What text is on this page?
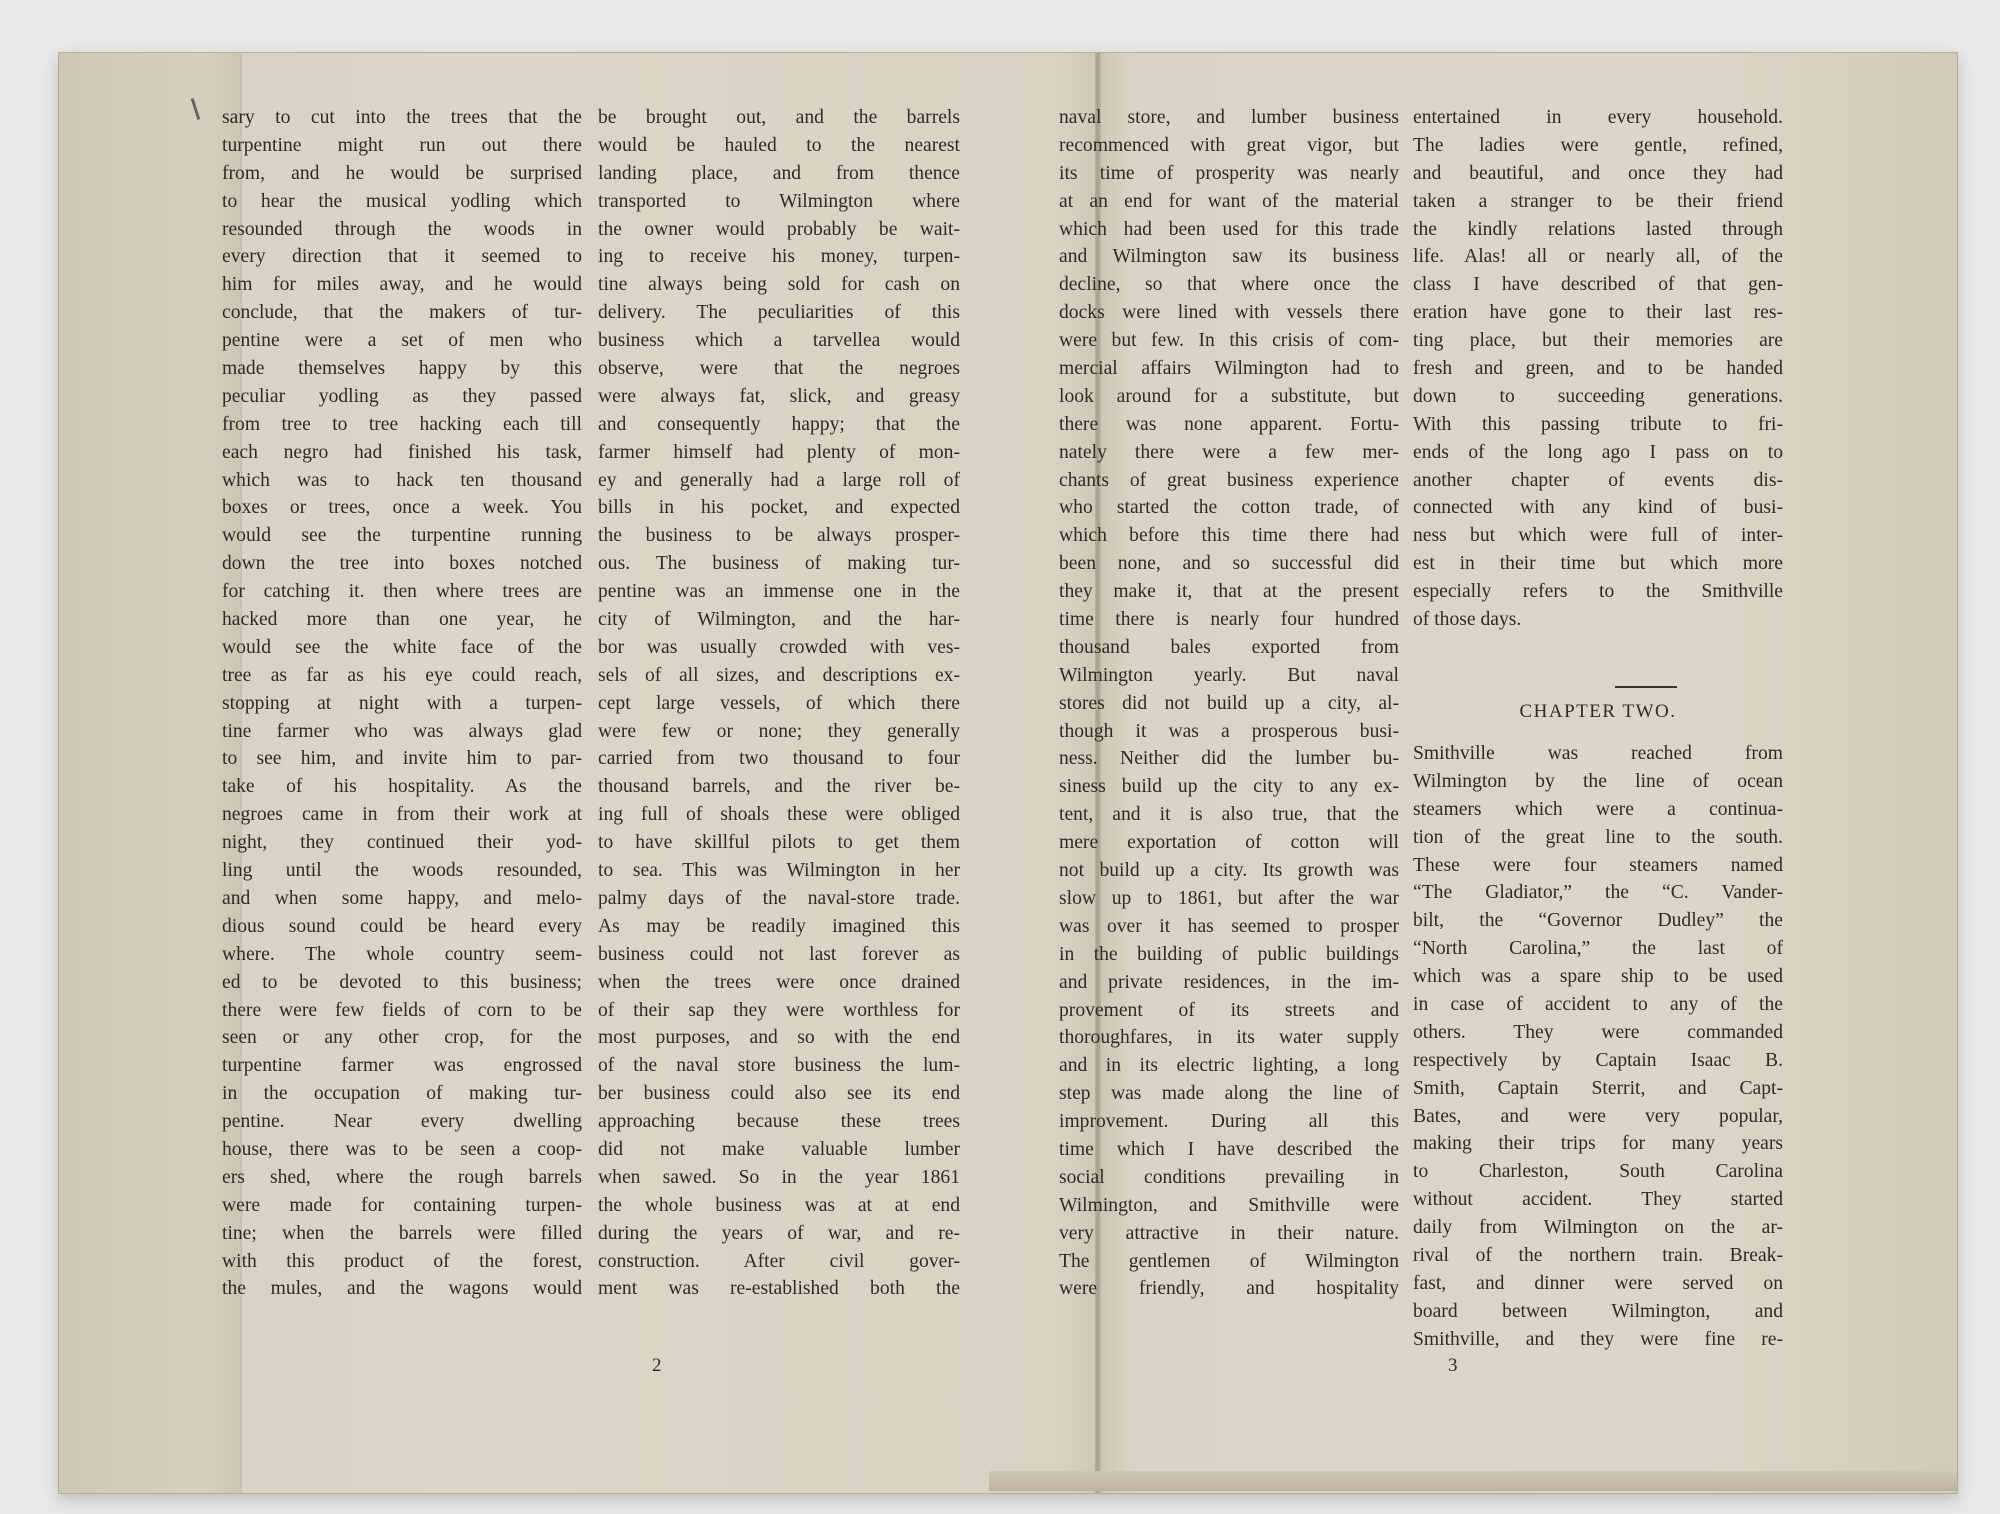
sary to cut into the trees that the
turpentine might run out there
from, and he would be surprised
to hear the musical yodling which
resounded through the woods in
every direction that it seemed to
him for miles away, and he would
conclude, that the makers of tur-
pentine were a set of men who
made themselves happy by this
peculiar yodling as they passed
from tree to tree hacking each till
each negro had finished his task,
which was to hack ten thousand
boxes or trees, once a week. You
would see the turpentine running
down the tree into boxes notched
for catching it. then where trees are
hacked more than one year, he
would see the white face of the
tree as far as his eye could reach,
stopping at night with a turpen-
tine farmer who was always glad
to see him, and invite him to par-
take of his hospitality. As the
negroes came in from their work at
night, they continued their yod-
ling until the woods resounded,
and when some happy, and melo-
dious sound could be heard every
where. The whole country seem-
ed to be devoted to this business;
there were few fields of corn to be
seen or any other crop, for the
turpentine farmer was engrossed
in the occupation of making tur-
pentine. Near every dwelling
house, there was to be seen a coop-
ers shed, where the rough barrels
were made for containing turpen-
tine; when the barrels were filled
with this product of the forest,
the mules, and the wagons would
be brought out, and the barrels
would be hauled to the nearest
landing place, and from thence
transported to Wilmington where
the owner would probably be wait-
ing to receive his money, turpen-
tine always being sold for cash on
delivery. The peculiarities of this
business which a tarvellea would
observe, were that the negroes
were always fat, slick, and greasy
and consequently happy; that the
farmer himself had plenty of mon-
ey and generally had a large roll of
bills in his pocket, and expected
the business to be always prosper-
ous. The business of making tur-
pentine was an immense one in the
city of Wilmington, and the har-
bor was usually crowded with ves-
sels of all sizes, and descriptions ex-
cept large vessels, of which there
were few or none; they generally
carried from two thousand to four
thousand barrels, and the river be-
ing full of shoals these were obliged
to have skillful pilots to get them
to sea. This was Wilmington in her
palmy days of the naval-store trade.
As may be readily imagined this
business could not last forever as
when the trees were once drained
of their sap they were worthless for
most purposes, and so with the end
of the naval store business the lum-
ber business could also see its end
approaching because these trees
did not make valuable lumber
when sawed. So in the year 1861
the whole business was at at end
during the years of war, and re-
construction. After civil gover-
ment was re-established both the
2
naval store, and lumber business
recommenced with great vigor, but
its time of prosperity was nearly
at an end for want of the material
which had been used for this trade
and Wilmington saw its business
decline, so that where once the
docks were lined with vessels there
were but few. In this crisis of com-
mercial affairs Wilmington had to
look around for a substitute, but
there was none apparent. Fortu-
nately there were a few mer-
chants of great business experience
who started the cotton trade, of
which before this time there had
been none, and so successful did
they make it, that at the present
time there is nearly four hundred
thousand bales exported from
Wilmington yearly. But naval
stores did not build up a city, al-
though it was a prosperous busi-
ness. Neither did the lumber bu-
siness build up the city to any ex-
tent, and it is also true, that the
mere exportation of cotton will
not build up a city. Its growth was
slow up to 1861, but after the war
was over it has seemed to prosper
in the building of public buildings
and private residences, in the im-
provement of its streets and
thoroughfares, in its water supply
and in its electric lighting, a long
step was made along the line of
improvement. During all this
time which I have described the
social conditions prevailing in
Wilmington, and Smithville were
very attractive in their nature.
The gentlemen of Wilmington
were friendly, and hospitality
entertained in every household.
The ladies were gentle, refined,
and beautiful, and once they had
taken a stranger to be their friend
the kindly relations lasted through
life. Alas! all or nearly all, of the
class I have described of that gen-
eration have gone to their last res-
ting place, but their memories are
fresh and green, and to be handed
down to succeeding generations.
With this passing tribute to fri-
ends of the long ago I pass on to
another chapter of events dis-
connected with any kind of busi-
ness but which were full of inter-
est in their time but which more
especially refers to the Smithville
of those days.
CHAPTER TWO.
Smithville was reached from
Wilmington by the line of ocean
steamers which were a continua-
tion of the great line to the south.
These were four steamers named
“The Gladiator,” the “C. Vander-
bilt, the “Governor Dudley” the
“North Carolina,” the last of
which was a spare ship to be used
in case of accident to any of the
others. They were commanded
respectively by Captain Isaac B.
Smith, Captain Sterrit, and Capt-
Bates, and were very popular,
making their trips for many years
to Charleston, South Carolina
without accident. They started
daily from Wilmington on the ar-
rival of the northern train. Break-
fast, and dinner were served on
board between Wilmington, and
Smithville, and they were fine re-
3
